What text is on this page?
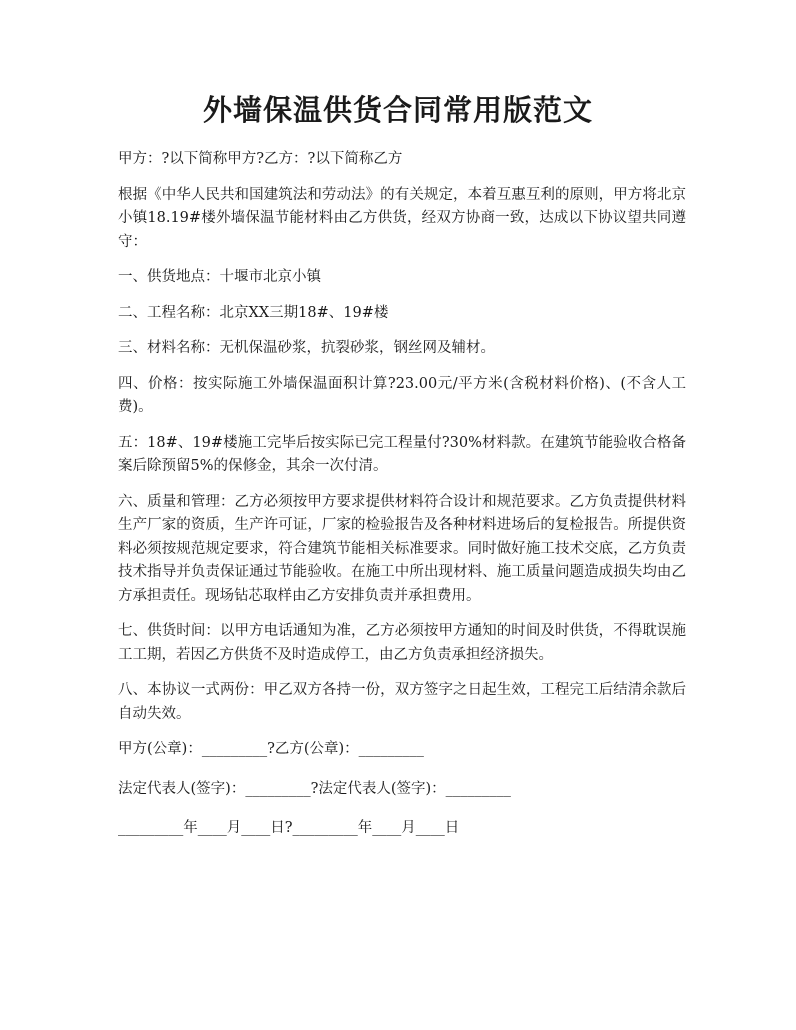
外墙保温供货合同常用版范文

甲方：?以下简称甲方?乙方：?以下简称乙方

根据《中华人民共和国建筑法和劳动法》的有关规定，本着互惠互利的原则，甲方将北京小镇18.19#楼外墙保温节能材料由乙方供货，经双方协商一致，达成以下协议望共同遵守：

一、供货地点：十堰市北京小镇

二、工程名称：北京XX三期18#、19#楼

三、材料名称：无机保温砂浆，抗裂砂浆，钢丝网及辅材。

四、价格：按实际施工外墙保温面积计算?23.00元/平方米(含税材料价格)、(不含人工费)。

五：18#、19#楼施工完毕后按实际已完工程量付?30%材料款。在建筑节能验收合格备案后除预留5%的保修金，其余一次付清。

六、质量和管理：乙方必须按甲方要求提供材料符合设计和规范要求。乙方负责提供材料生产厂家的资质，生产许可证，厂家的检验报告及各种材料进场后的复检报告。所提供资料必须按规范规定要求，符合建筑节能相关标准要求。同时做好施工技术交底，乙方负责技术指导并负责保证通过节能验收。在施工中所出现材料、施工质量问题造成损失均由乙方承担责任。现场钻芯取样由乙方安排负责并承担费用。

七、供货时间：以甲方电话通知为准，乙方必须按甲方通知的时间及时供货，不得耽误施工工期，若因乙方供货不及时造成停工，由乙方负责承担经济损失。

八、本协议一式两份：甲乙双方各持一份，双方签字之日起生效，工程完工后结清余款后自动失效。

甲方(公章)：_________?乙方(公章)：_________

法定代表人(签字)：_________?法定代表人(签字)：_________

_________年____月____日?_________年____月____日
